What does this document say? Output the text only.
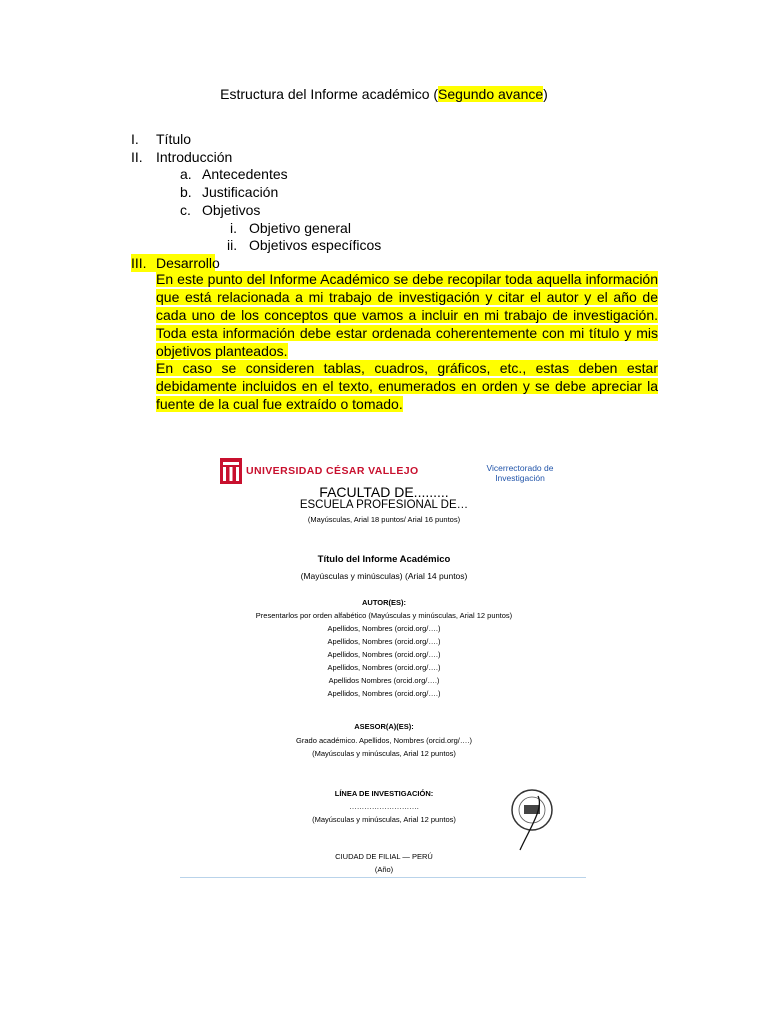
Estructura del Informe académico (Segundo avance)
I. Título
II. Introducción
a. Antecedentes
b. Justificación
c. Objetivos
i. Objetivo general
ii. Objetivos específicos
III. Desarrollo

En este punto del Informe Académico se debe recopilar toda aquella información que está relacionada a mi trabajo de investigación y citar el autor y el año de cada uno de los conceptos que vamos a incluir en mi trabajo de investigación. Toda esta información debe estar ordenada coherentemente con mi título y mis objetivos planteados.

En caso se consideren tablas, cuadros, gráficos, etc., estas deben estar debidamente incluidos en el texto, enumerados en orden y se debe apreciar la fuente de la cual fue extraído o tomado.

UNIVERSIDAD CÉSAR VALLEJO	Vicerrectorado de
Investigación
FACULTAD DE.........
ESCUELA PROFESIONAL DE…
(Mayúsculas, Arial 18 puntos/ Arial 16 puntos)
Título del Informe Académico
(Mayúsculas y minúsculas) (Arial 14 puntos)
AUTOR(ES):
Presentarlos por orden alfabético (Mayúsculas y minúsculas, Arial 12 puntos)
Apellidos, Nombres (orcid.org/….)
Apellidos, Nombres (orcid.org/….)
Apellidos, Nombres (orcid.org/….)
Apellidos, Nombres (orcid.org/….)
Apellidos Nombres (orcid.org/….)
Apellidos, Nombres (orcid.org/….)
ASESOR(A)(ES):
Grado académico. Apellidos, Nombres (orcid.org/….)
(Mayúsculas y minúsculas, Arial 12 puntos)
LÍNEA DE INVESTIGACIÓN:
……………………….
(Mayúsculas y minúsculas, Arial 12 puntos)
CIUDAD DE FILIAL — PERÚ
(Año)
